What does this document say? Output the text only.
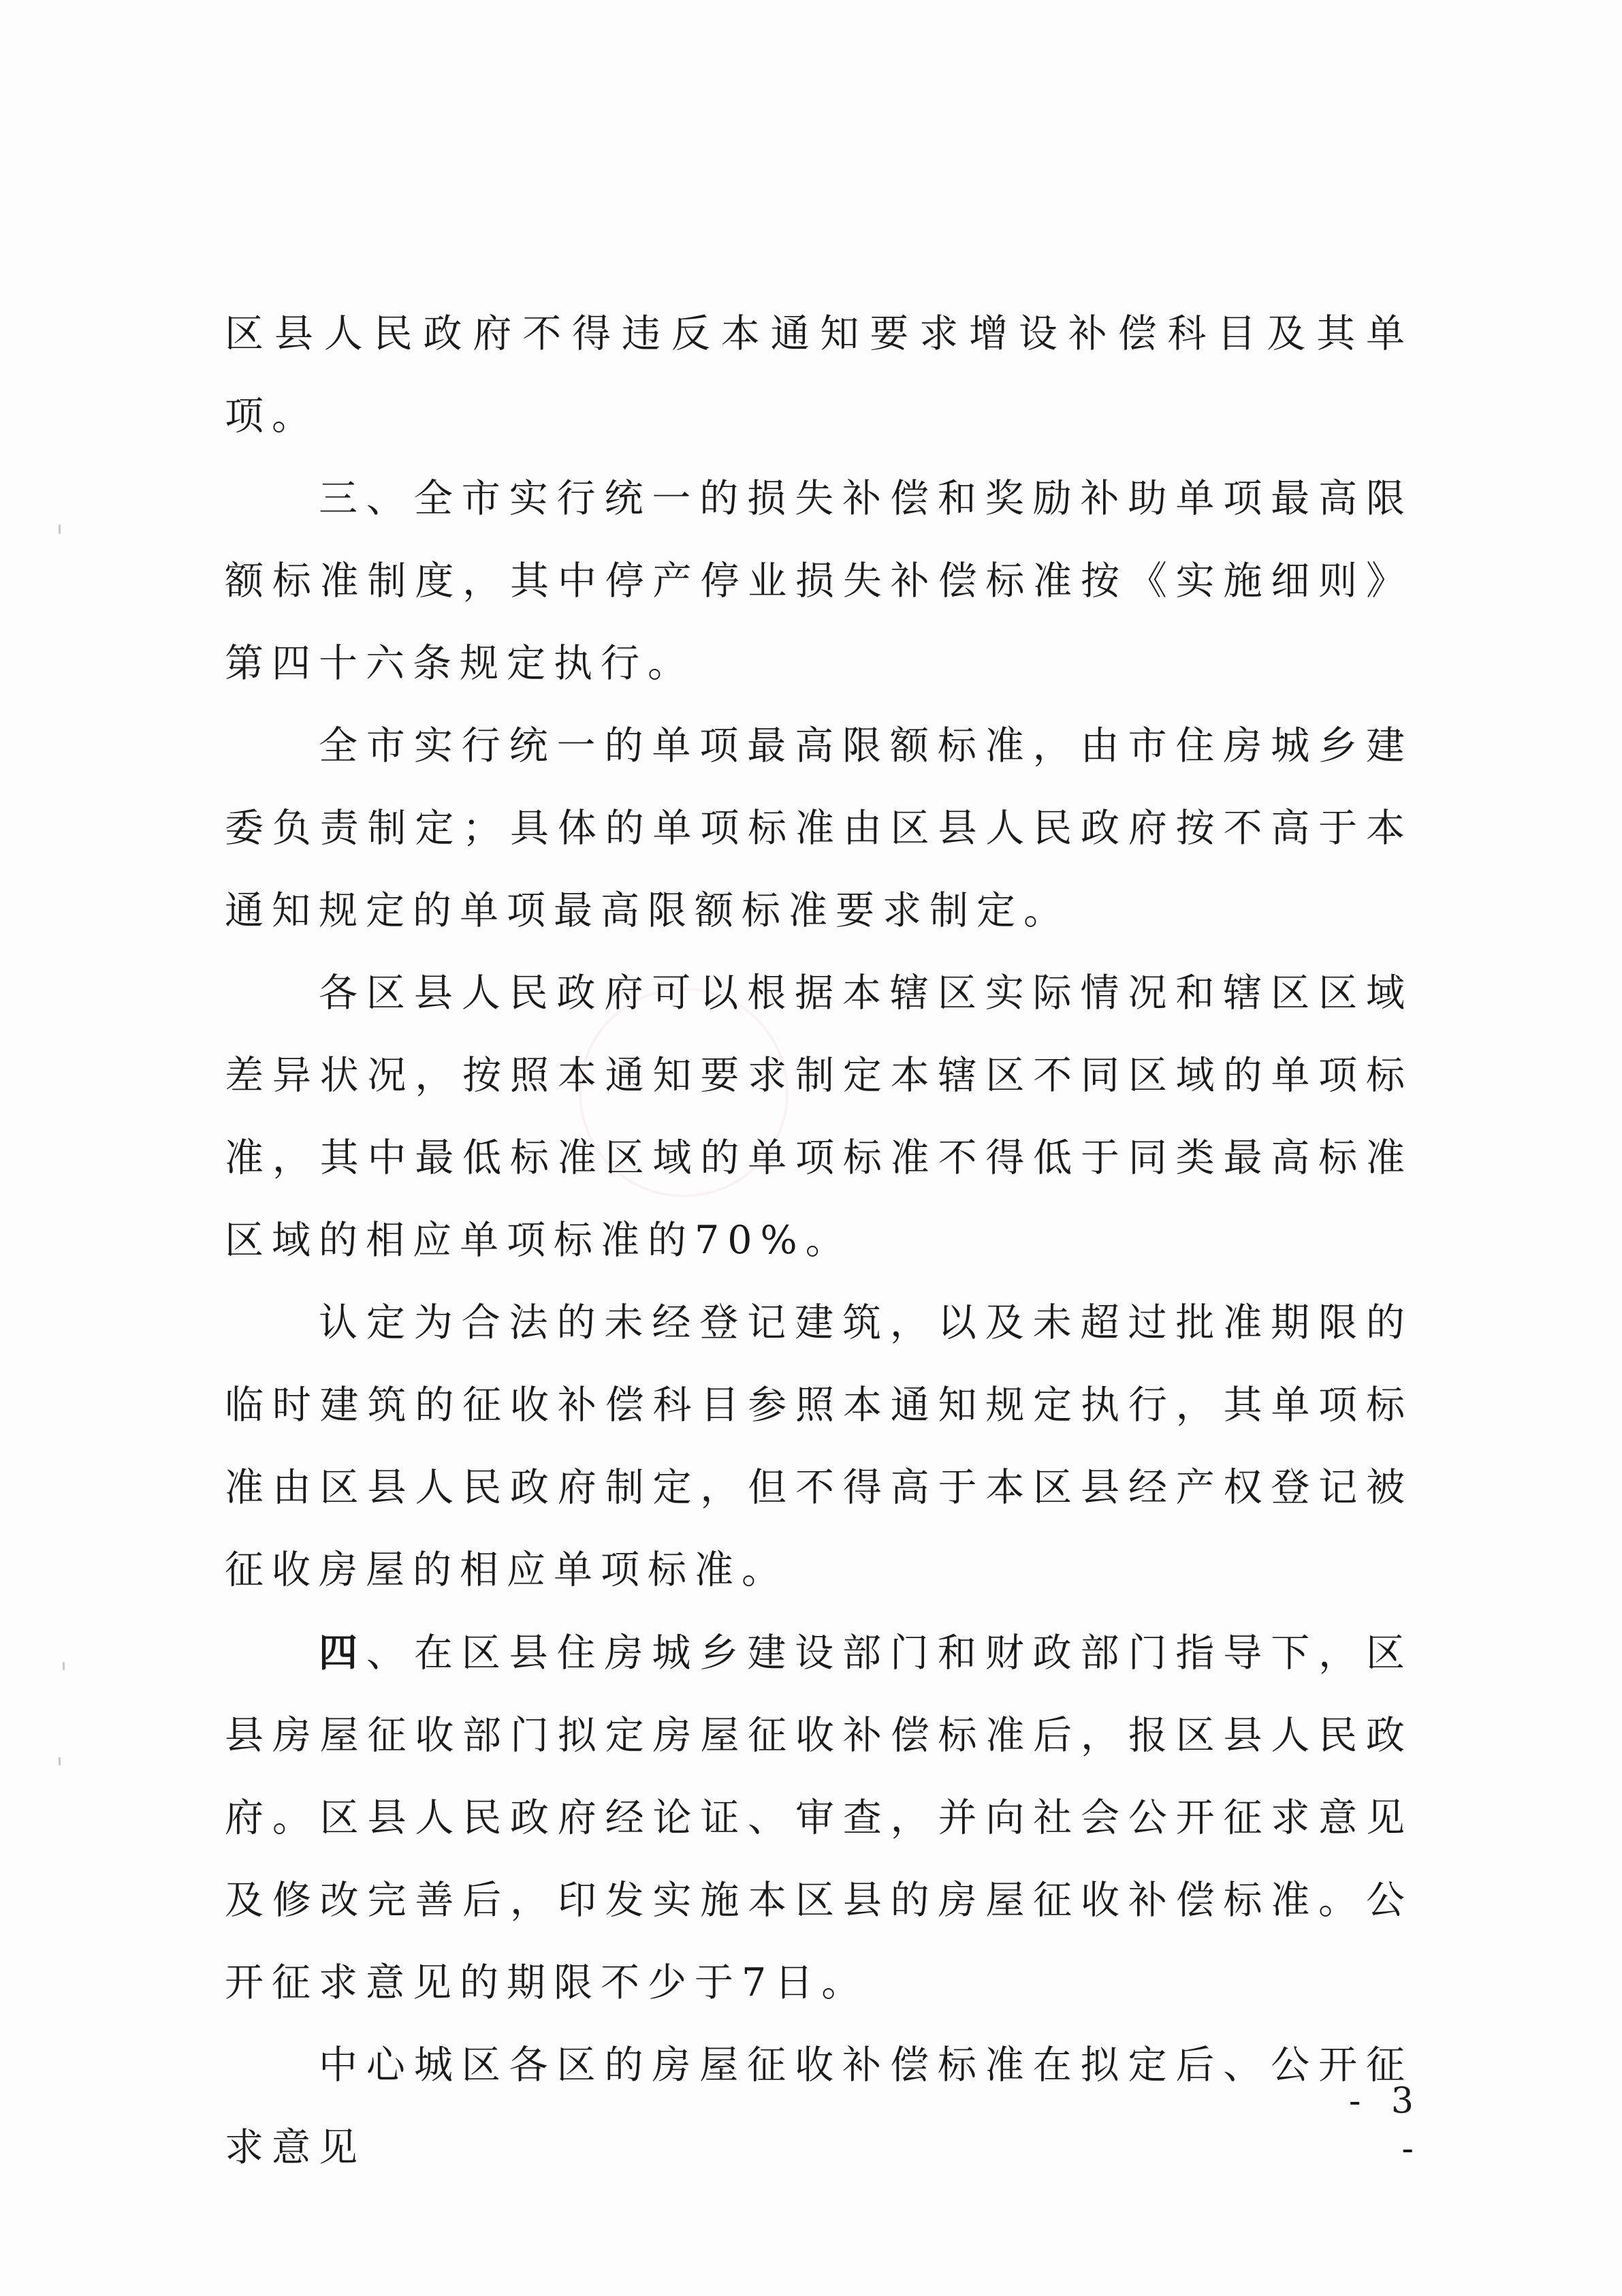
区县人民政府不得违反本通知要求增设补偿科目及其单项。

三、全市实行统一的损失补偿和奖励补助单项最高限额标准制度，其中停产停业损失补偿标准按《实施细则》第四十六条规定执行。

全市实行统一的单项最高限额标准，由市住房城乡建委负责制定；具体的单项标准由区县人民政府按不高于本通知规定的单项最高限额标准要求制定。

各区县人民政府可以根据本辖区实际情况和辖区区域差异状况，按照本通知要求制定本辖区不同区域的单项标准，其中最低标准区域的单项标准不得低于同类最高标准区域的相应单项标准的70%。

认定为合法的未经登记建筑，以及未超过批准期限的临时建筑的征收补偿科目参照本通知规定执行，其单项标准由区县人民政府制定，但不得高于本区县经产权登记被征收房屋的相应单项标准。

四、在区县住房城乡建设部门和财政部门指导下，区县房屋征收部门拟定房屋征收补偿标准后，报区县人民政府。区县人民政府经论证、审查，并向社会公开征求意见及修改完善后，印发实施本区县的房屋征收补偿标准。公开征求意见的期限不少于7日。

中心城区各区的房屋征收补偿标准在拟定后、公开征求意见

- 3 -
